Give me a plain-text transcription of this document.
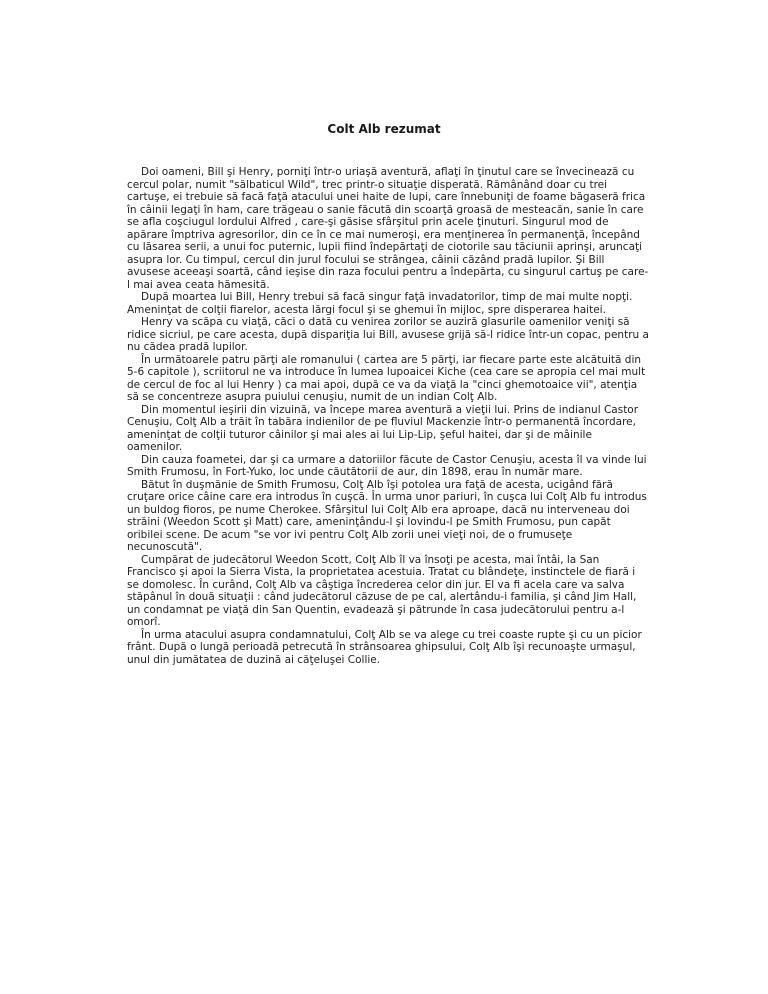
Colt Alb rezumat

Doi oameni, Bill şi Henry, porniţi într-o uriaşă aventură, aflaţi în ţinutul care se învecinează cu cercul polar, numit "sălbaticul Wild", trec printr-o situaţie disperată. Rămânând doar cu trei cartuşe, ei trebuie să facă faţă atacului unei haite de lupi, care înnebuniţi de foame băgaseră frica în câinii legaţi în ham, care trăgeau o sanie făcută din scoarţă groasă de mesteacăn, sanie în care se afla coşciugul lordului Alfred , care-şi găsise sfârşitul prin acele ţinuturi. Singurul mod de apărare împtriva agresorilor, din ce în ce mai numeroşi, era menţinerea în permanenţă, începând cu lăsarea serii, a unui foc puternic, lupii fiind îndepărtaţi de ciotorile sau tăciunii aprinşi, aruncaţi asupra lor. Cu timpul, cercul din jurul focului se strângea, câinii căzând pradă lupilor. Şi Bill avusese aceeaşi soartă, când ieşise din raza focului pentru a îndepărta, cu singurul cartuş pe care-l mai avea ceata hămesită.

După moartea lui Bill, Henry trebui să facă singur faţă invadatorilor, timp de mai multe nopţi. Ameninţat de colţii fiarelor, acesta lărgi focul şi se ghemui în mijloc, spre disperarea haitei.

Henry va scăpa cu viaţă, căci o dată cu venirea zorilor se auziră glasurile oamenilor veniţi să ridice sicriul, pe care acesta, după dispariţia lui Bill, avusese grijă să-l ridice într-un copac, pentru a nu cădea pradă lupilor.

În următoarele patru părţi ale romanului ( cartea are 5 părţi, iar fiecare parte este alcătuită din 5-6 capitole ), scriitorul ne va introduce în lumea lupoaicei Kiche (cea care se apropia cel mai mult de cercul de foc al lui Henry ) ca mai apoi, după ce va da viaţă la "cinci ghemotoaice vii", atenţia să se concentreze asupra puiului cenuşiu, numit de un indian Colţ Alb.

Din momentul ieşirii din vizuină, va începe marea aventură a vieţii lui. Prins de indianul Castor Cenuşiu, Colţ Alb a trăit în tabăra indienilor de pe fluviul Mackenzie într-o permanentă încordare, ameninţat de colţii tuturor câinilor şi mai ales ai lui Lip-Lip, şeful haitei, dar şi de mâinile oamenilor.

Din cauza foametei, dar şi ca urmare a datoriilor făcute de Castor Cenuşiu, acesta îl va vinde lui Smith Frumosu, în Fort-Yuko, loc unde căutătorii de aur, din 1898, erau în număr mare.

Bătut în duşmănie de Smith Frumosu, Colţ Alb îşi potolea ura faţă de acesta, ucigând fără cruţare orice câine care era introdus în cuşcă. În urma unor pariuri, în cuşca lui Colţ Alb fu introdus un buldog fioros, pe nume Cherokee. Sfârşitul lui Colţ Alb era aproape, dacă nu interveneau doi străini (Weedon Scott şi Matt) care, ameninţându-l şi lovindu-l pe Smith Frumosu, pun capăt oribilei scene. De acum "se vor ivi pentru Colţ Alb zorii unei vieţi noi, de o frumuseţe necunoscută".

Cumpărat de judecătorul Weedon Scott, Colţ Alb îl va însoţi pe acesta, mai întâi, la San Francisco şi apoi la Sierra Vista, la proprietatea acestuia. Tratat cu blândeţe, instinctele de fiară i se domolesc. În curând, Colţ Alb va câştiga încrederea celor din jur. El va fi acela care va salva stăpânul în două situaţii : când judecătorul căzuse de pe cal, alertându-i familia, şi când Jim Hall, un condamnat pe viaţă din San Quentin, evadează şi pătrunde în casa judecătorului pentru a-l omorî.

În urma atacului asupra condamnatului, Colţ Alb se va alege cu trei coaste rupte şi cu un picior frânt. După o lungă perioadă petrecută în strânsoarea ghipsului, Colţ Alb îşi recunoaşte urmaşul, unul din jumătatea de duzină ai căţeluşei Collie.
